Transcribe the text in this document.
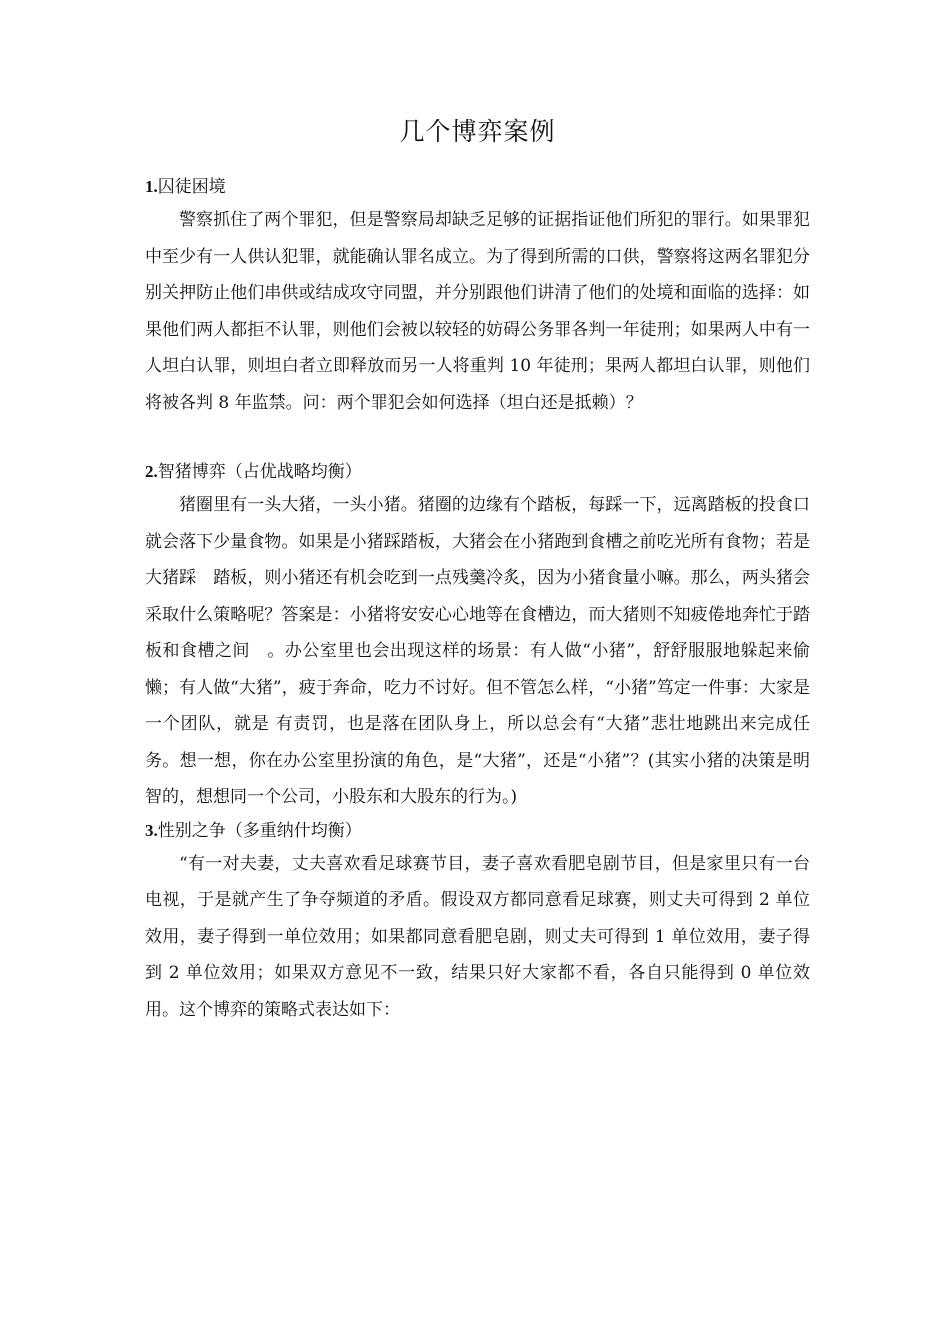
几个博弈案例

1.囚徒困境

警察抓住了两个罪犯，但是警察局却缺乏足够的证据指证他们所犯的罪行。如果罪犯中至少有一人供认犯罪，就能确认罪名成立。为了得到所需的口供，警察将这两名罪犯分别关押防止他们串供或结成攻守同盟，并分别跟他们讲清了他们的处境和面临的选择：如果他们两人都拒不认罪，则他们会被以较轻的妨碍公务罪各判一年徒刑；如果两人中有一人坦白认罪，则坦白者立即释放而另一人将重判 10 年徒刑；果两人都坦白认罪，则他们将被各判 8 年监禁。问：两个罪犯会如何选择（坦白还是抵赖）？

2.智猪博弈（占优战略均衡）

猪圈里有一头大猪，一头小猪。猪圈的边缘有个踏板，每踩一下，远离踏板的投食口就会落下少量食物。如果是小猪踩踏板，大猪会在小猪跑到食槽之前吃光所有食物；若是大猪踩　踏板，则小猪还有机会吃到一点残羹冷炙，因为小猪食量小嘛。那么，两头猪会采取什么策略呢？答案是：小猪将安安心心地等在食槽边，而大猪则不知疲倦地奔忙于踏板和食槽之间　。办公室里也会出现这样的场景：有人做“小猪”，舒舒服服地躲起来偷懒；有人做“大猪”，疲于奔命，吃力不讨好。但不管怎么样，“小猪”笃定一件事：大家是一个团队，就是 有责罚，也是落在团队身上，所以总会有“大猪”悲壮地跳出来完成任务。想一想，你在办公室里扮演的角色，是“大猪”，还是“小猪”？(其实小猪的决策是明智的，想想同一个公司，小股东和大股东的行为。)

3.性别之争（多重纳什均衡）

“有一对夫妻，丈夫喜欢看足球赛节目，妻子喜欢看肥皂剧节目，但是家里只有一台电视，于是就产生了争夺频道的矛盾。假设双方都同意看足球赛，则丈夫可得到 2 单位效用，妻子得到一单位效用；如果都同意看肥皂剧，则丈夫可得到 1 单位效用，妻子得到 2 单位效用；如果双方意见不一致，结果只好大家都不看，各自只能得到 0 单位效用。这个博弈的策略式表达如下：
